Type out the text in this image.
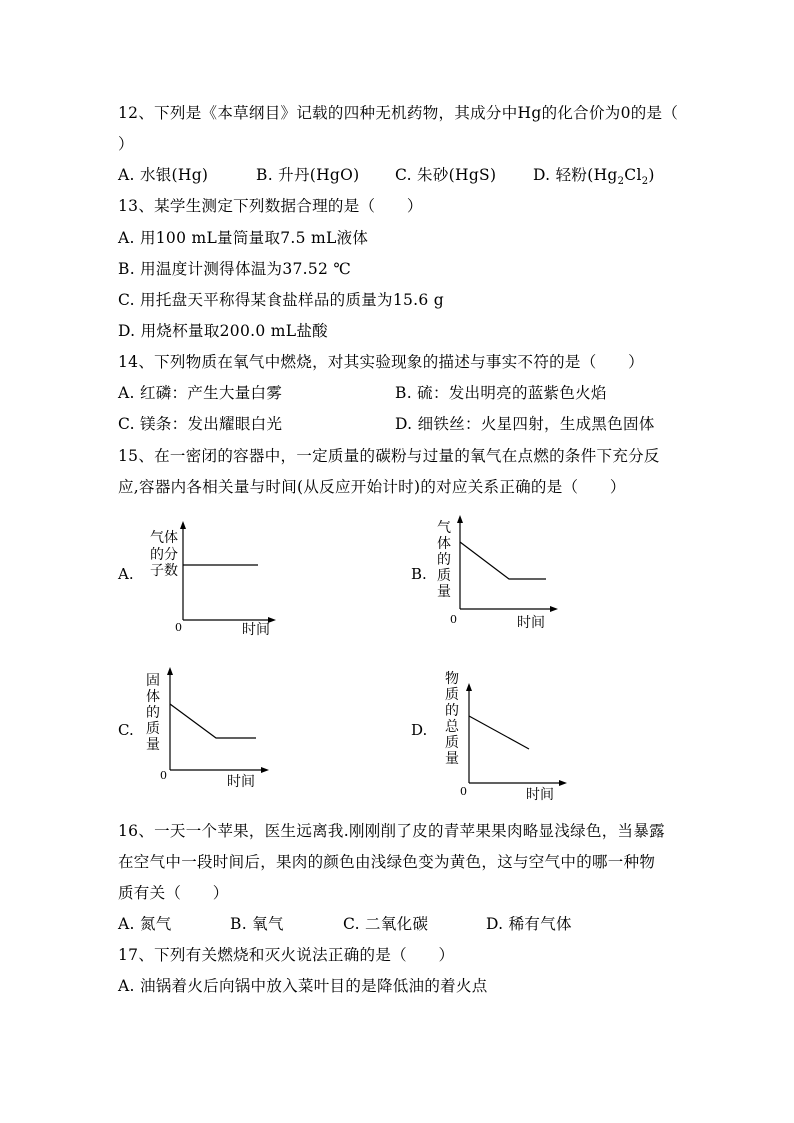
12、下列是《本草纲目》记载的四种无机药物，其成分中Hg的化合价为0的是（
）
A. 水银(Hg)	B. 升丹(HgO) C. 朱砂(HgS) D. 轻粉$(Hg_2Cl_2)$
13、某学生测定下列数据合理的是（　　）
A. 用100 mL量筒量取7.5 mL液体
B. 用温度计测得体温为37.52 ℃
C. 用托盘天平称得某食盐样品的质量为15.6 g
D. 用烧杯量取200.0 mL盐酸
14、下列物质在氧气中燃烧，对其实验现象的描述与事实不符的是（　　）
A. 红磷：产生大量白雾	B. 硫：发出明亮的蓝紫色火焰
C. 镁条：发出耀眼白光	D. 细铁丝：火星四射，生成黑色固体
15、在一密闭的容器中，一定质量的碳粉与过量的氧气在点燃的条件下充分反
应,容器内各相关量与时间(从反应开始计时)的对应关系正确的是（　　）
A.
气体的分子数
0	时间
B.
气体的质量
0	时间
C.
固体的质量
0	时间
D.
物质的总质量
0	时间
16、一天一个苹果，医生远离我.刚刚削了皮的青苹果果肉略显浅绿色，当暴露
在空气中一段时间后，果肉的颜色由浅绿色变为黄色，这与空气中的哪一种物
质有关（　　）
A. 氮气	B. 氧气	C. 二氧化碳	D. 稀有气体
17、下列有关燃烧和灭火说法正确的是（　　）
A. 油锅着火后向锅中放入菜叶目的是降低油的着火点
